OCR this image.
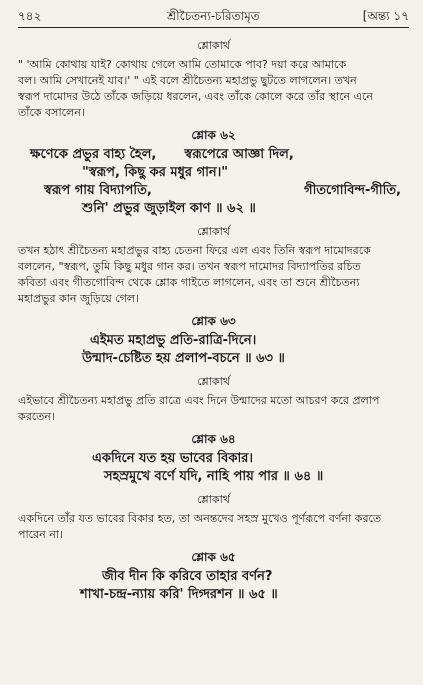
৭৪২	শ্রীচৈতন্য-চরিতামৃত	[অন্ত্য ১৭
শ্লোকার্থ
" 'আমি কোথায় যাই? কোথায় গেলে আমি তোমাকে পাব? দয়া করে আমাকে
বল। আমি সেখানেই যাব।' " এই বলে শ্রীচৈতন্য মহাপ্রভু ছুটতে লাগলেন। তখন
স্বরূপ দামোদর উঠে তাঁকে জড়িয়ে ধরলেন, এবং তাঁকে কোলে করে তাঁর স্থানে এনে
তাঁকে বসালেন।
শ্লোক ৬২
ক্ষণেকে প্রভুর বাহ্য হৈল, স্বরূপেরে আজ্ঞা দিল,
"স্বরূপ, কিছু কর মধুর গান।"
স্বরূপ গায় বিদ্যাপতি,	গীতগোবিন্দ-গীতি,
শুনি' প্রভুর জুড়াইল কাণ ॥ ৬২ ॥
শ্লোকার্থ
তখন হঠাৎ শ্রীচৈতন্য মহাপ্রভুর বাহ্য চেতনা ফিরে এল এবং তিনি স্বরূপ দামোদরকে
বললেন, "স্বরূপ, তুমি কিছু মধুর গান কর। তখন স্বরূপ দামোদর বিদ্যাপতির রচিত
কবিতা এবং গীতগোবিন্দ থেকে শ্লোক গাইতে লাগলেন, এবং তা শুনে শ্রীচৈতন্য
মহাপ্রভুর কান জুড়িয়ে গেল।
শ্লোক ৬৩
এইমত মহাপ্রভু প্রতি-রাত্রি-দিনে।
উন্মাদ-চেষ্টিত হয় প্রলাপ-বচনে ॥ ৬৩ ॥
শ্লোকার্থ
এইভাবে শ্রীচৈতন্য মহাপ্রভু প্রতি রাত্রে এবং দিনে উন্মাদের মতো আচরণ করে প্রলাপ
করতেন।
শ্লোক ৬৪
একদিনে যত হয় ভাবের বিকার।
সহস্রমুখে বর্ণে যদি, নাহি পায় পার ॥ ৬৪ ॥
শ্লোকার্থ
একদিনে তাঁর যত ভাবের বিকার হত, তা অনন্তদেব সহস্র মুখেও পূর্ণরূপে বর্ণনা করতে
পারেন না।
শ্লোক ৬৫
জীব দীন কি করিবে তাহার বর্ণন?
শাখা-চন্দ্র-ন্যায় করি' দিগ্দরশন ॥ ৬৫ ॥
